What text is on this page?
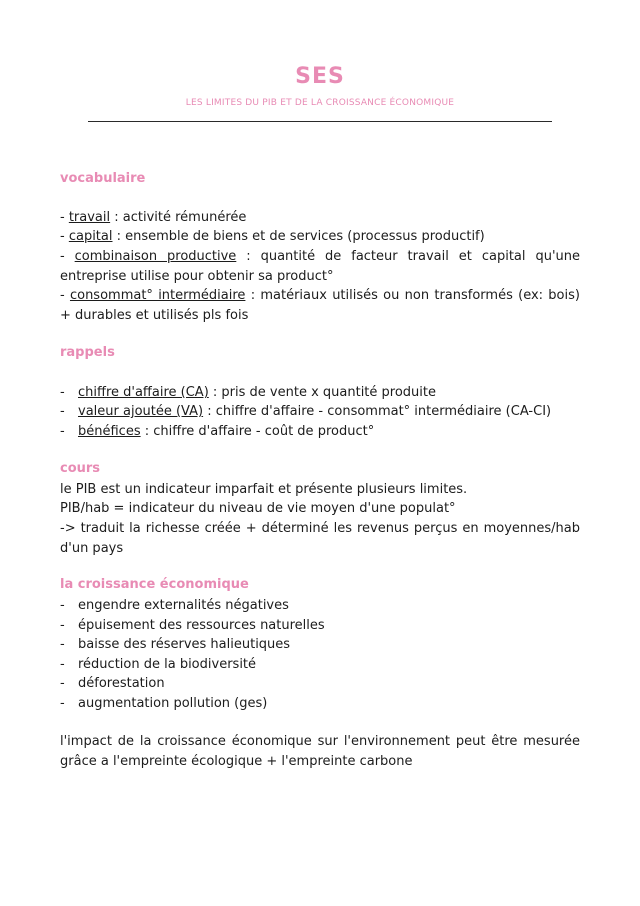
SES
LES LIMITES DU PIB ET DE LA CROISSANCE ÉCONOMIQUE
vocabulaire
- travail : activité rémunérée
- capital : ensemble de biens et de services (processus productif)
- combinaison productive : quantité de facteur travail et capital qu'une entreprise utilise pour obtenir sa product°
- consommat° intermédiaire : matériaux utilisés ou non transformés (ex: bois) + durables et utilisés pls fois
rappels
- chiffre d'affaire (CA) : pris de vente x quantité produite
- valeur ajoutée (VA) : chiffre d'affaire - consommat° intermédiaire (CA-CI)
- bénéfices : chiffre d'affaire - coût de product°
cours
le PIB est un indicateur imparfait et présente plusieurs limites.
PIB/hab = indicateur du niveau de vie moyen d'une populat°
-> traduit la richesse créée + déterminé les revenus perçus en moyennes/hab d'un pays
la croissance économique
- engendre externalités négatives
- épuisement des ressources naturelles
- baisse des réserves halieutiques
- réduction de la biodiversité
- déforestation
- augmentation pollution (ges)
l'impact de la croissance économique sur l'environnement peut être mesurée grâce a l'empreinte écologique + l'empreinte carbone
